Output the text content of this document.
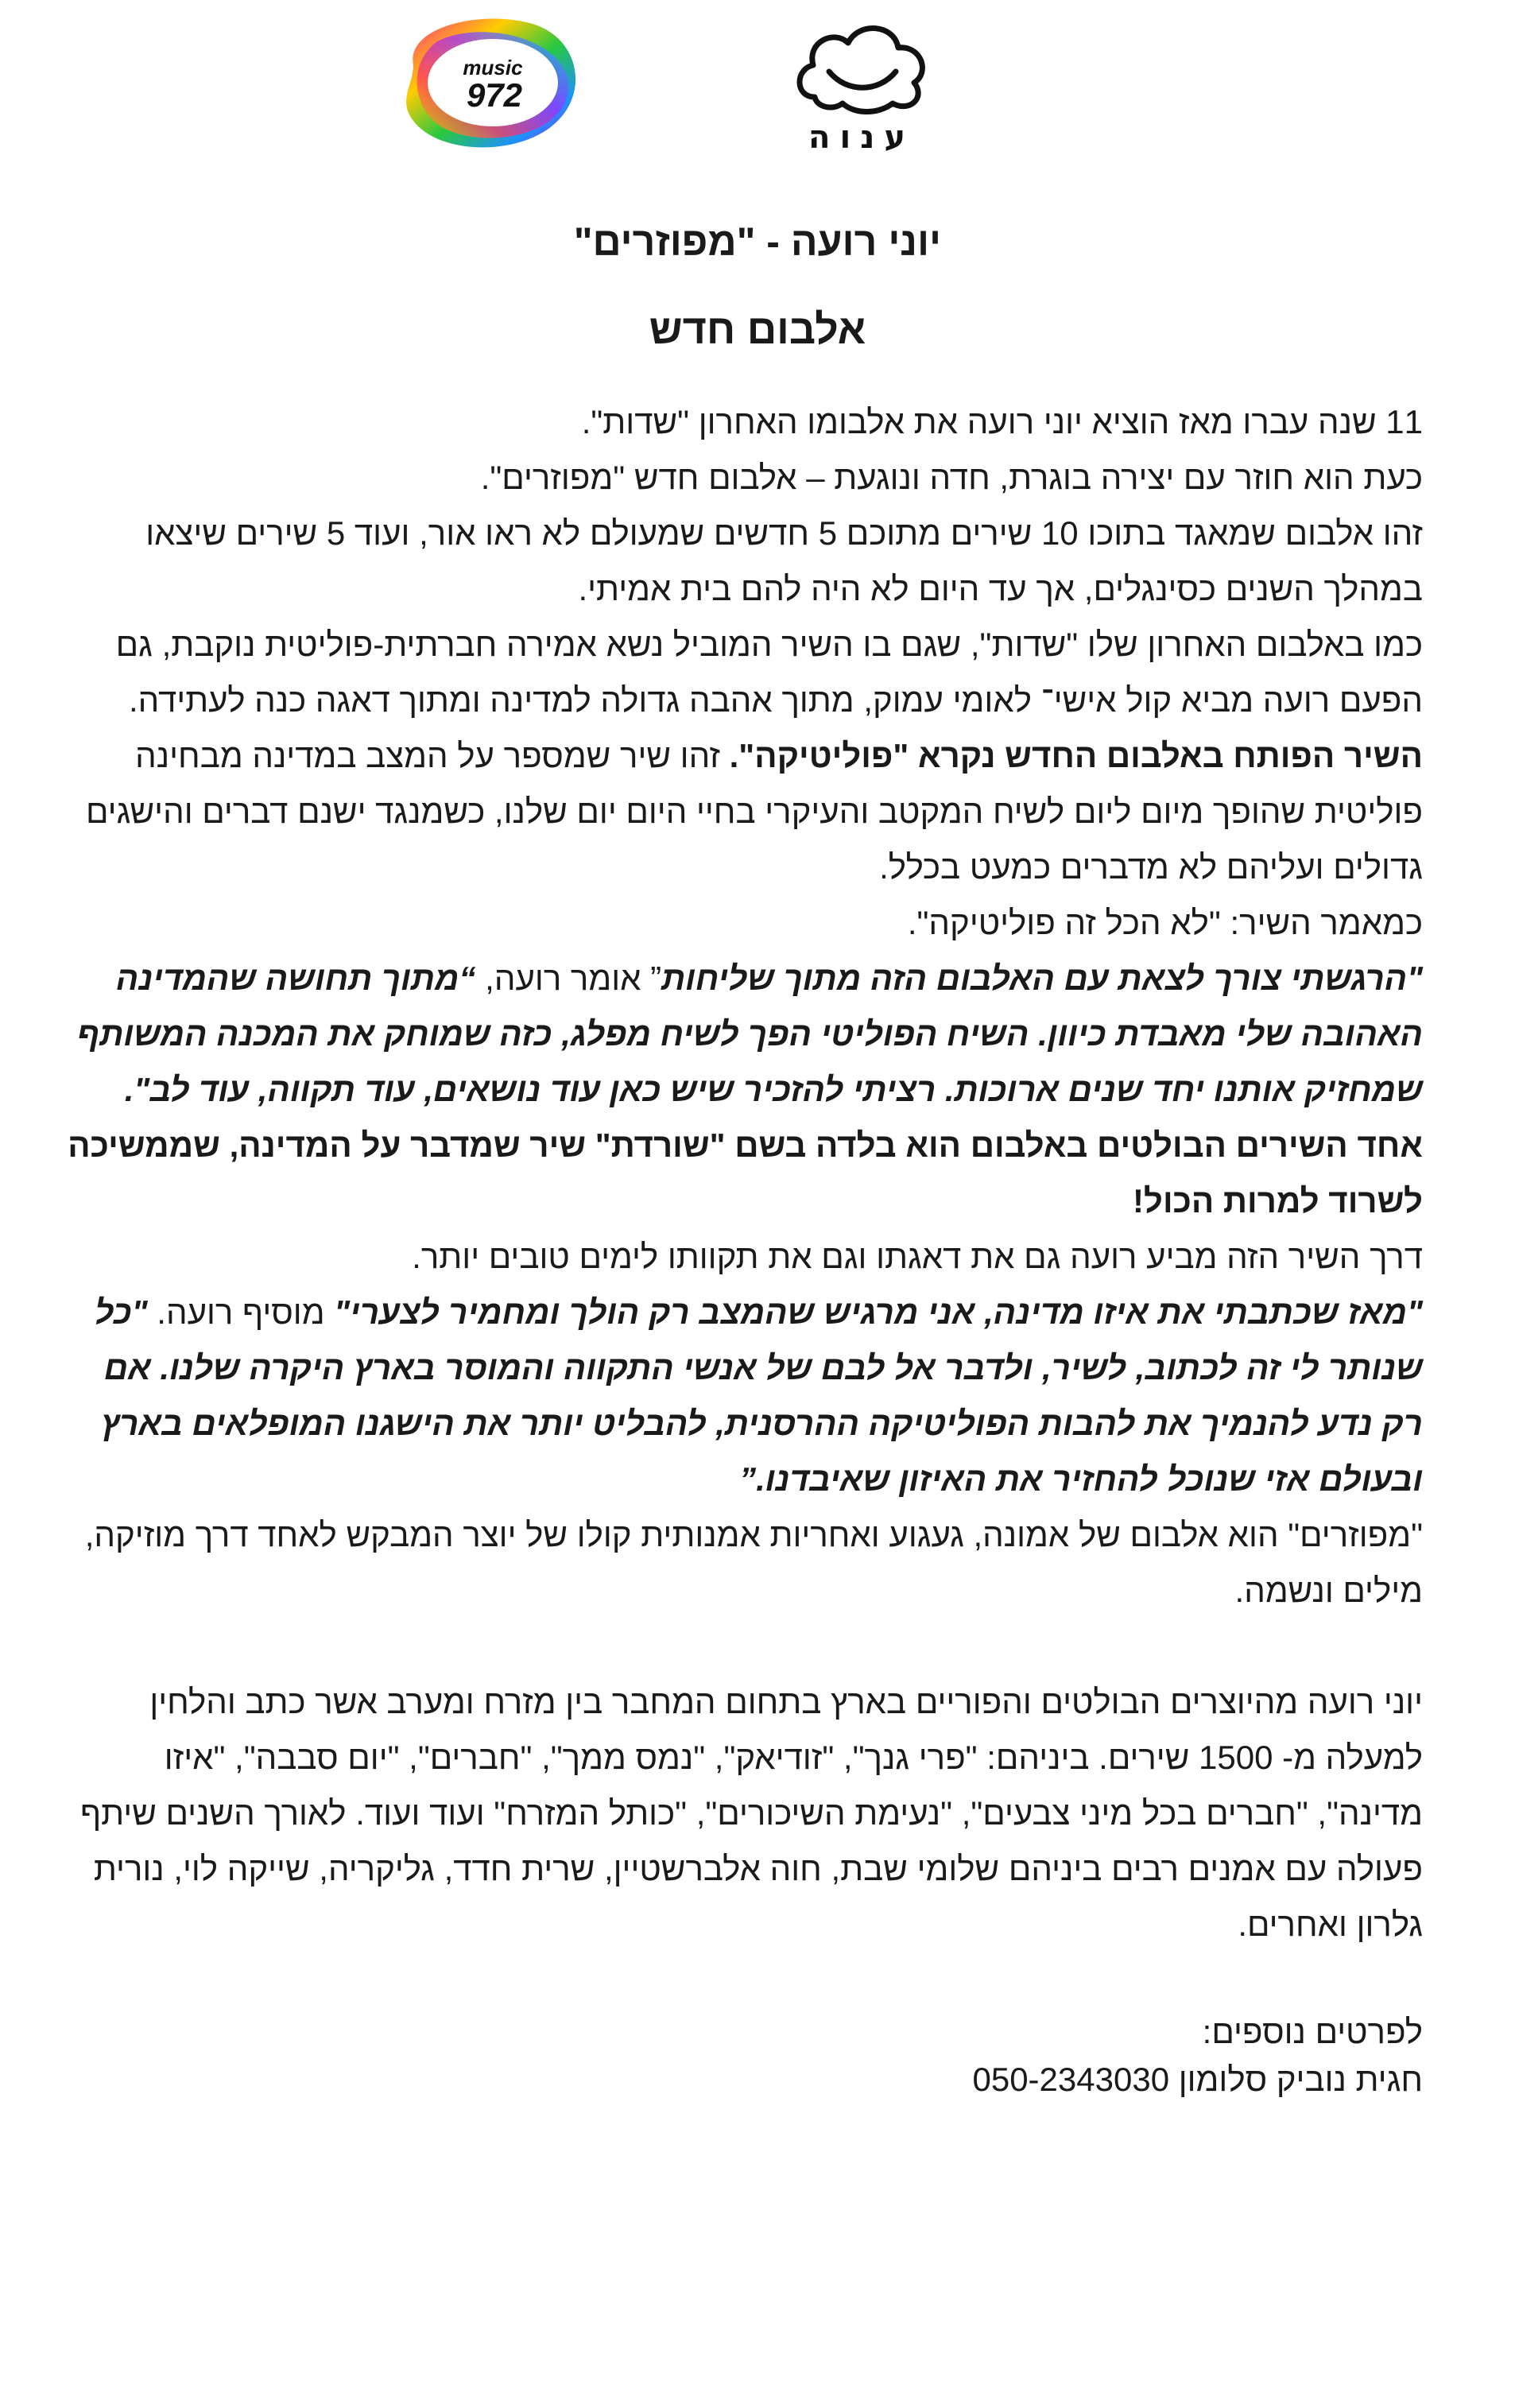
music
972
ענוה
יוני רועה - "מפוזרים"
אלבום חדש

11 שנה עברו מאז הוציא יוני רועה את אלבומו האחרון "שדות".

כעת הוא חוזר עם יצירה בוגרת, חדה ונוגעת – אלבום חדש "מפוזרים".

זהו אלבום שמאגד בתוכו 10 שירים מתוכם 5 חדשים שמעולם לא ראו אור, ועוד 5 שירים שיצאו במהלך השנים כסינגלים, אך עד היום לא היה להם בית אמיתי.

כמו באלבום האחרון שלו "שדות", שגם בו השיר המוביל נשא אמירה חברתית-פוליטית נוקבת, גם הפעם רועה מביא קול אישי־ לאומי עמוק, מתוך אהבה גדולה למדינה ומתוך דאגה כנה לעתידה.

השיר הפותח באלבום החדש נקרא "פוליטיקה". זהו שיר שמספר על המצב במדינה מבחינה פוליטית שהופך מיום ליום לשיח המקטב והעיקרי בחיי היום יום שלנו, כשמנגד ישנם דברים והישגים גדולים ועליהם לא מדברים כמעט בכלל.

כמאמר השיר: "לא הכל זה פוליטיקה".

"הרגשתי צורך לצאת עם האלבום הזה מתוך שליחות” אומר רועה, “מתוך תחושה שהמדינה האהובה שלי מאבדת כיוון. השיח הפוליטי הפך לשיח מפלג, כזה שמוחק את המכנה המשותף שמחזיק אותנו יחד שנים ארוכות. רציתי להזכיר שיש כאן עוד נושאים, עוד תקווה, עוד לב".

אחד השירים הבולטים באלבום הוא בלדה בשם "שורדת" שיר שמדבר על המדינה, שממשיכה לשרוד למרות הכול!

דרך השיר הזה מביע רועה גם את דאגתו וגם את תקוותו לימים טובים יותר.

"מאז שכתבתי את איזו מדינה, אני מרגיש שהמצב רק הולך ומחמיר לצערי" מוסיף רועה. "כל שנותר לי זה לכתוב, לשיר, ולדבר אל לבם של אנשי התקווה והמוסר בארץ היקרה שלנו. אם רק נדע להנמיך את להבות הפוליטיקה ההרסנית, להבליט יותר את הישגנו המופלאים בארץ ובעולם אזי שנוכל להחזיר את האיזון שאיבדנו.”

"מפוזרים" הוא אלבום של אמונה, געגוע ואחריות אמנותית קולו של יוצר המבקש לאחד דרך מוזיקה, מילים ונשמה.

יוני רועה מהיוצרים הבולטים והפוריים בארץ בתחום המחבר בין מזרח ומערב אשר כתב והלחין למעלה מ- 1500 שירים. ביניהם: "פרי גנך", "זודיאק", "נמס ממך", "חברים", "יום סבבה", "איזו מדינה", "חברים בכל מיני צבעים", "נעימת השיכורים", "כותל המזרח" ועוד ועוד. לאורך השנים שיתף פעולה עם אמנים רבים ביניהם שלומי שבת, חוה אלברשטיין, שרית חדד, גליקריה, שייקה לוי, נורית גלרון ואחרים.

לפרטים נוספים:

חגית נוביק סלומון 050-2343030
